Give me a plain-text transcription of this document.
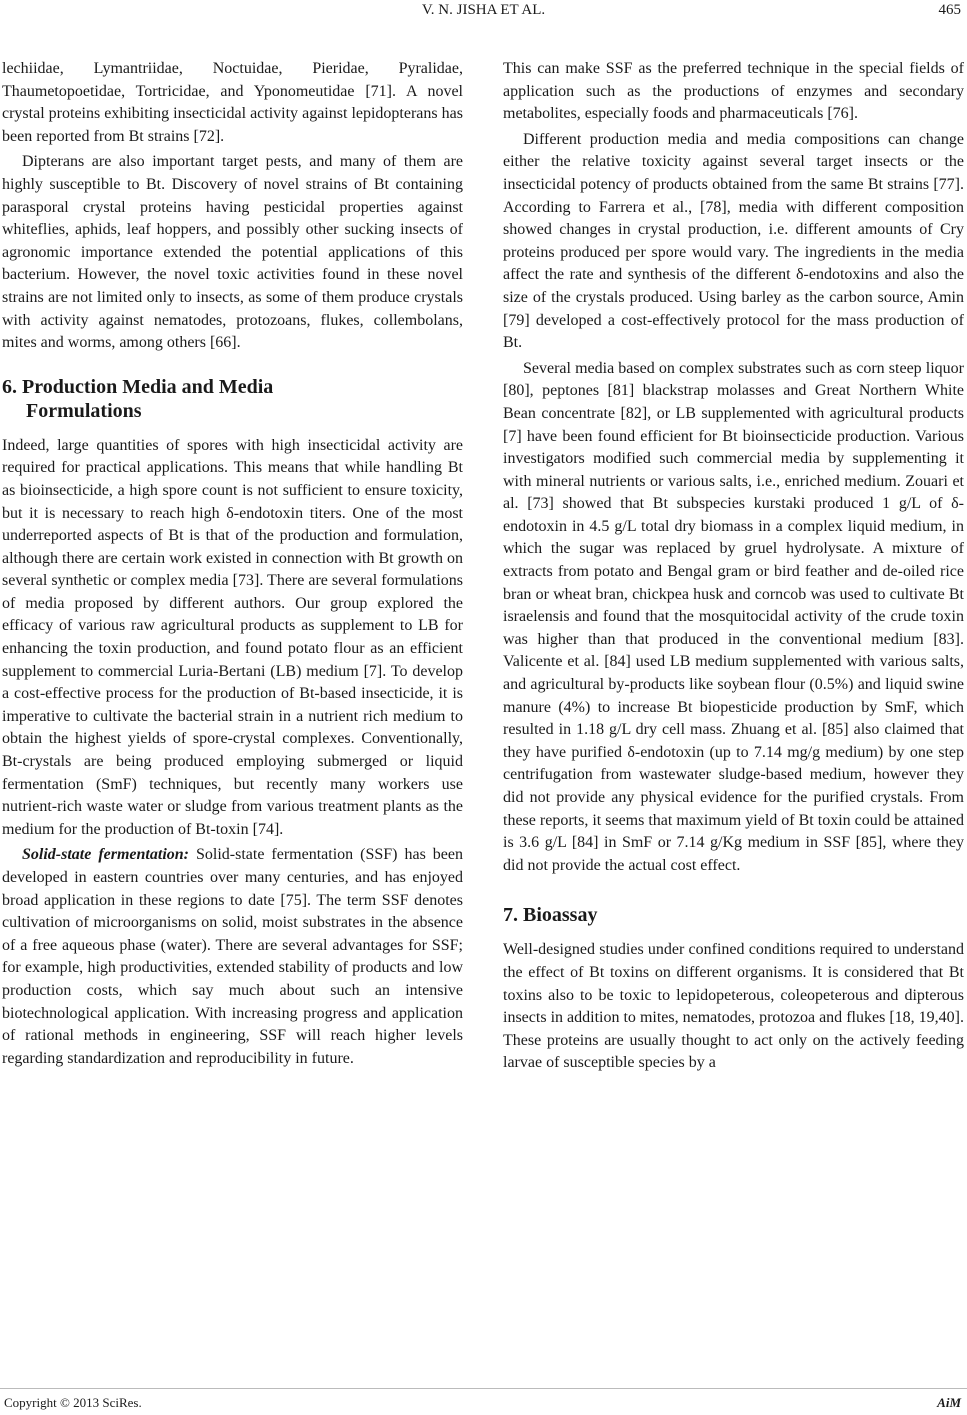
V. N. JISHA ET AL.	465

lechiidae, Lymantriidae, Noctuidae, Pieridae, Pyralidae, Thaumetopoetidae, Tortricidae, and Yponomeutidae [71]. A novel crystal proteins exhibiting insecticidal activity against lepidopterans has been reported from Bt strains [72].

Dipterans are also important target pests, and many of them are highly susceptible to Bt. Discovery of novel strains of Bt containing parasporal crystal proteins having pesticidal properties against whiteflies, aphids, leaf hoppers, and possibly other sucking insects of agronomic importance extended the potential applications of this bacterium. However, the novel toxic activities found in these novel strains are not limited only to insects, as some of them produce crystals with activity against nematodes, protozoans, flukes, collembolans, mites and worms, among others [66].

6. Production Media and Media
Formulations

Indeed, large quantities of spores with high insecticidal activity are required for practical applications. This means that while handling Bt as bioinsecticide, a high spore count is not sufficient to ensure toxicity, but it is necessary to reach high δ-endotoxin titers. One of the most underreported aspects of Bt is that of the production and formulation, although there are certain work existed in connection with Bt growth on several synthetic or complex media [73]. There are several formulations of media proposed by different authors. Our group explored the efficacy of various raw agricultural products as supplement to LB for enhancing the toxin production, and found potato flour as an efficient supplement to commercial Luria-Bertani (LB) medium [7]. To develop a cost-effective process for the production of Bt-based insecticide, it is imperative to cultivate the bacterial strain in a nutrient rich medium to obtain the highest yields of spore-crystal complexes. Conventionally, Bt-crystals are being produced employing submerged or liquid fermentation (SmF) techniques, but recently many workers use nutrient-rich waste water or sludge from various treatment plants as the medium for the production of Bt-toxin [74].

Solid-state fermentation: Solid-state fermentation (SSF) has been developed in eastern countries over many centuries, and has enjoyed broad application in these regions to date [75]. The term SSF denotes cultivation of microorganisms on solid, moist substrates in the absence of a free aqueous phase (water). There are several advantages for SSF; for example, high productivities, extended stability of products and low production costs, which say much about such an intensive biotechnological application. With increasing progress and application of rational methods in engineering, SSF will reach higher levels regarding standardization and reproducibility in future.

This can make SSF as the preferred technique in the special fields of application such as the productions of enzymes and secondary metabolites, especially foods and pharmaceuticals [76].

Different production media and media compositions can change either the relative toxicity against several target insects or the insecticidal potency of products obtained from the same Bt strains [77]. According to Farrera et al., [78], media with different composition showed changes in crystal production, i.e. different amounts of Cry proteins produced per spore would vary. The ingredients in the media affect the rate and synthesis of the different δ-endotoxins and also the size of the crystals produced. Using barley as the carbon source, Amin [79] developed a cost-effectively protocol for the mass production of Bt.

Several media based on complex substrates such as corn steep liquor [80], peptones [81] blackstrap molasses and Great Northern White Bean concentrate [82], or LB supplemented with agricultural products [7] have been found efficient for Bt bioinsecticide production. Various investigators modified such commercial media by supplementing it with mineral nutrients or various salts, i.e., enriched medium. Zouari et al. [73] showed that Bt subspecies kurstaki produced 1 g/L of δ-endotoxin in 4.5 g/L total dry biomass in a complex liquid medium, in which the sugar was replaced by gruel hydrolysate. A mixture of extracts from potato and Bengal gram or bird feather and de-oiled rice bran or wheat bran, chickpea husk and corncob was used to cultivate Bt israelensis and found that the mosquitocidal activity of the crude toxin was higher than that produced in the conventional medium [83]. Valicente et al. [84] used LB medium supplemented with various salts, and agricultural by-products like soybean flour (0.5%) and liquid swine manure (4%) to increase Bt biopesticide production by SmF, which resulted in 1.18 g/L dry cell mass. Zhuang et al. [85] also claimed that they have purified δ-endotoxin (up to 7.14 mg/g medium) by one step centrifugation from wastewater sludge-based medium, however they did not provide any physical evidence for the purified crystals. From these reports, it seems that maximum yield of Bt toxin could be attained is 3.6 g/L [84] in SmF or 7.14 g/Kg medium in SSF [85], where they did not provide the actual cost effect.

7. Bioassay

Well-designed studies under confined conditions required to understand the effect of Bt toxins on different organisms. It is considered that Bt toxins also to be toxic to lepidopeterous, coleopeterous and dipterous insects in addition to mites, nematodes, protozoa and flukes [18, 19,40]. These proteins are usually thought to act only on the actively feeding larvae of susceptible species by a

Copyright © 2013 SciRes.	AiM
